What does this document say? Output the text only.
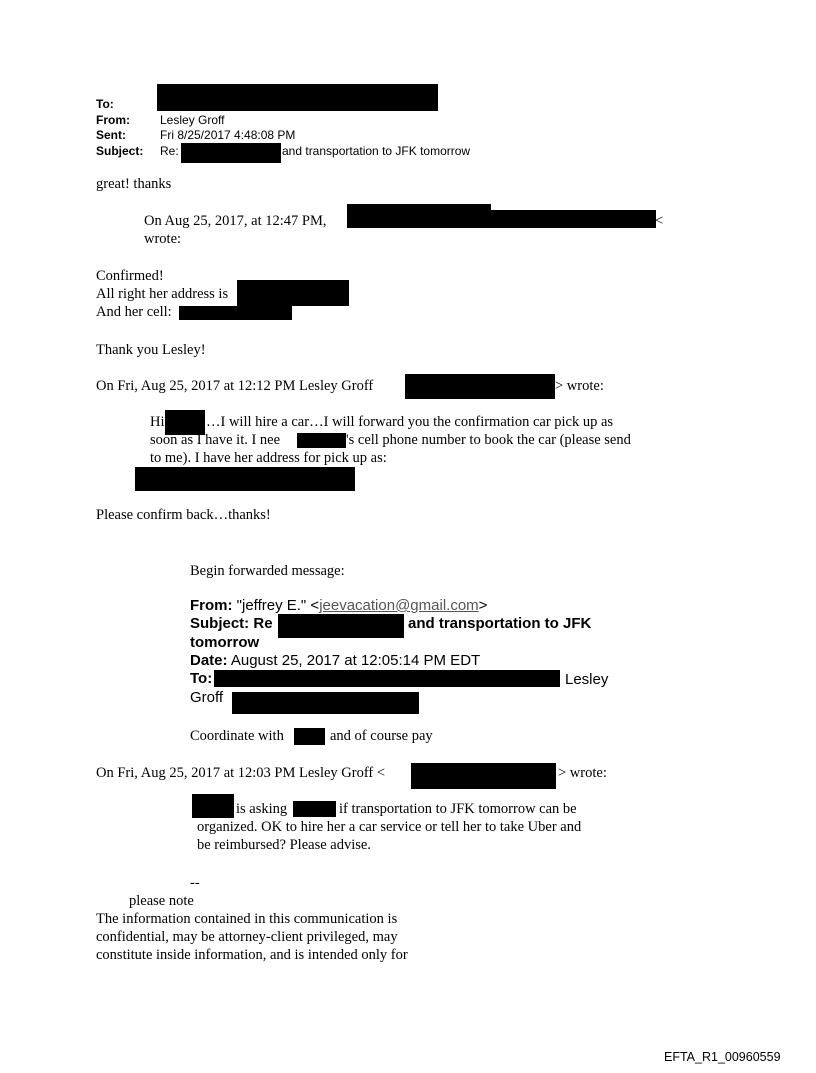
To:
From:	Lesley Groff
Sent:	Fri 8/25/2017 4:48:08 PM
Subject: Re:	and transportation to JFK tomorrow
great! thanks
On Aug 25, 2017, at 12:47 PM,	<
wrote:
Confirmed!
All right her address is
And her cell:
Thank you Lesley!
On Fri, Aug 25, 2017 at 12:12 PM Lesley Groff	> wrote:
Hi	…I will hire a car…I will forward you the confirmation car pick up as
soon as I have it. I nee	's cell phone number to book the car (please send
to me). I have her address for pick up as:
Please confirm back…thanks!
Begin forwarded message:
From: "jeffrey E." <jeevacation@gmail.com>
Subject: Re	and transportation to JFK
tomorrow
Date: August 25, 2017 at 12:05:14 PM EDT
To:	Lesley
Groff
Coordinate with	and of course pay
On Fri, Aug 25, 2017 at 12:03 PM Lesley Groff <	> wrote:
is asking	if transportation to JFK tomorrow can be
organized. OK to hire her a car service or tell her to take Uber and
be reimbursed? Please advise.
--
please note
The information contained in this communication is
confidential, may be attorney-client privileged, may
constitute inside information, and is intended only for
EFTA_R1_00960559
